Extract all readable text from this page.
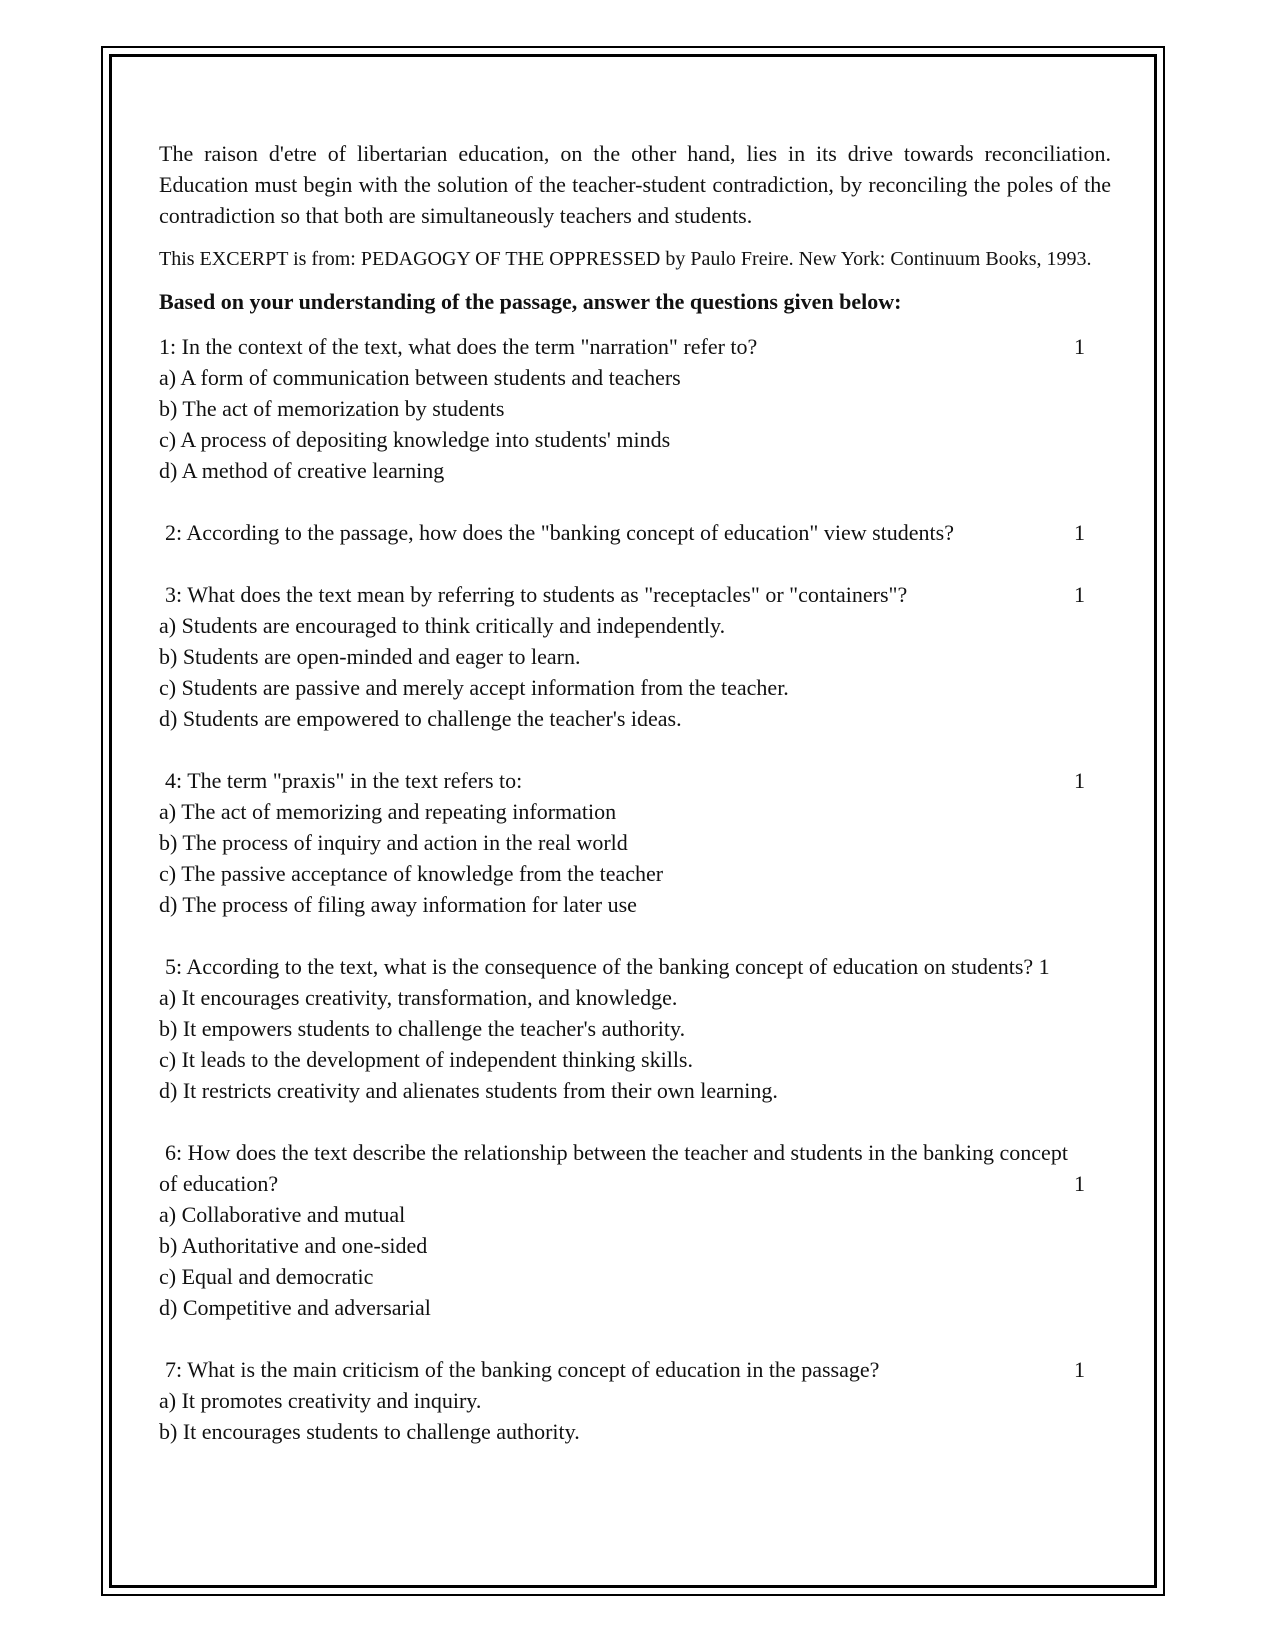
The raison d'etre of libertarian education, on the other hand, lies in its drive towards reconciliation. Education must begin with the solution of the teacher-student contradiction, by reconciling the poles of the contradiction so that both are simultaneously teachers and students.

This EXCERPT is from: PEDAGOGY OF THE OPPRESSED by Paulo Freire. New York: Continuum Books, 1993.

Based on your understanding of the passage, answer the questions given below:

1: In the context of the text, what does the term "narration" refer to?	1
a) A form of communication between students and teachers
b) The act of memorization by students
c) A process of depositing knowledge into students' minds
d) A method of creative learning
2: According to the passage, how does the "banking concept of education" view students?	1
3: What does the text mean by referring to students as "receptacles" or "containers"?	1
a) Students are encouraged to think critically and independently.
b) Students are open-minded and eager to learn.
c) Students are passive and merely accept information from the teacher.
d) Students are empowered to challenge the teacher's ideas.
4: The term "praxis" in the text refers to:	1
a) The act of memorizing and repeating information
b) The process of inquiry and action in the real world
c) The passive acceptance of knowledge from the teacher
d) The process of filing away information for later use
5: According to the text, what is the consequence of the banking concept of education on students? 1
a) It encourages creativity, transformation, and knowledge.
b) It empowers students to challenge the teacher's authority.
c) It leads to the development of independent thinking skills.
d) It restricts creativity and alienates students from their own learning.
6: How does the text describe the relationship between the teacher and students in the banking concept
of education?	1
a) Collaborative and mutual
b) Authoritative and one-sided
c) Equal and democratic
d) Competitive and adversarial
7: What is the main criticism of the banking concept of education in the passage?	1
a) It promotes creativity and inquiry.
b) It encourages students to challenge authority.
